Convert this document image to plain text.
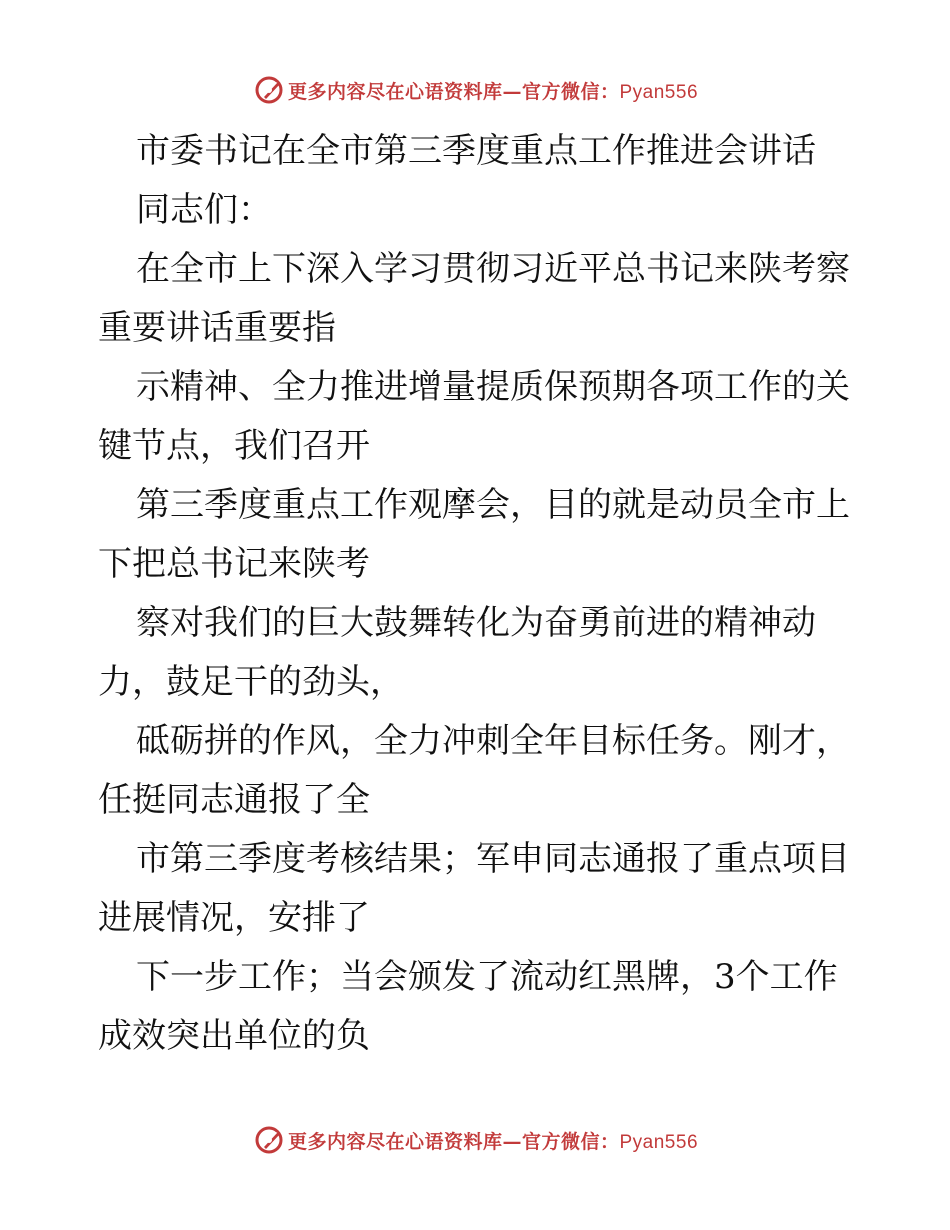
更多内容尽在心语资料库—官方微信：Pyan556
市委书记在全市第三季度重点工作推进会讲话
同志们：
在全市上下深入学习贯彻习近平总书记来陕考察
重要讲话重要指
示精神、全力推进增量提质保预期各项工作的关
键节点，我们召开
第三季度重点工作观摩会，目的就是动员全市上
下把总书记来陕考
察对我们的巨大鼓舞转化为奋勇前进的精神动
力，鼓足干的劲头，
砥砺拼的作风，全力冲刺全年目标任务。刚才，
任挺同志通报了全
市第三季度考核结果；军申同志通报了重点项目
进展情况，安排了
下一步工作；当会颁发了流动红黑牌，3个工作
成效突出单位的负
更多内容尽在心语资料库—官方微信：Pyan556
